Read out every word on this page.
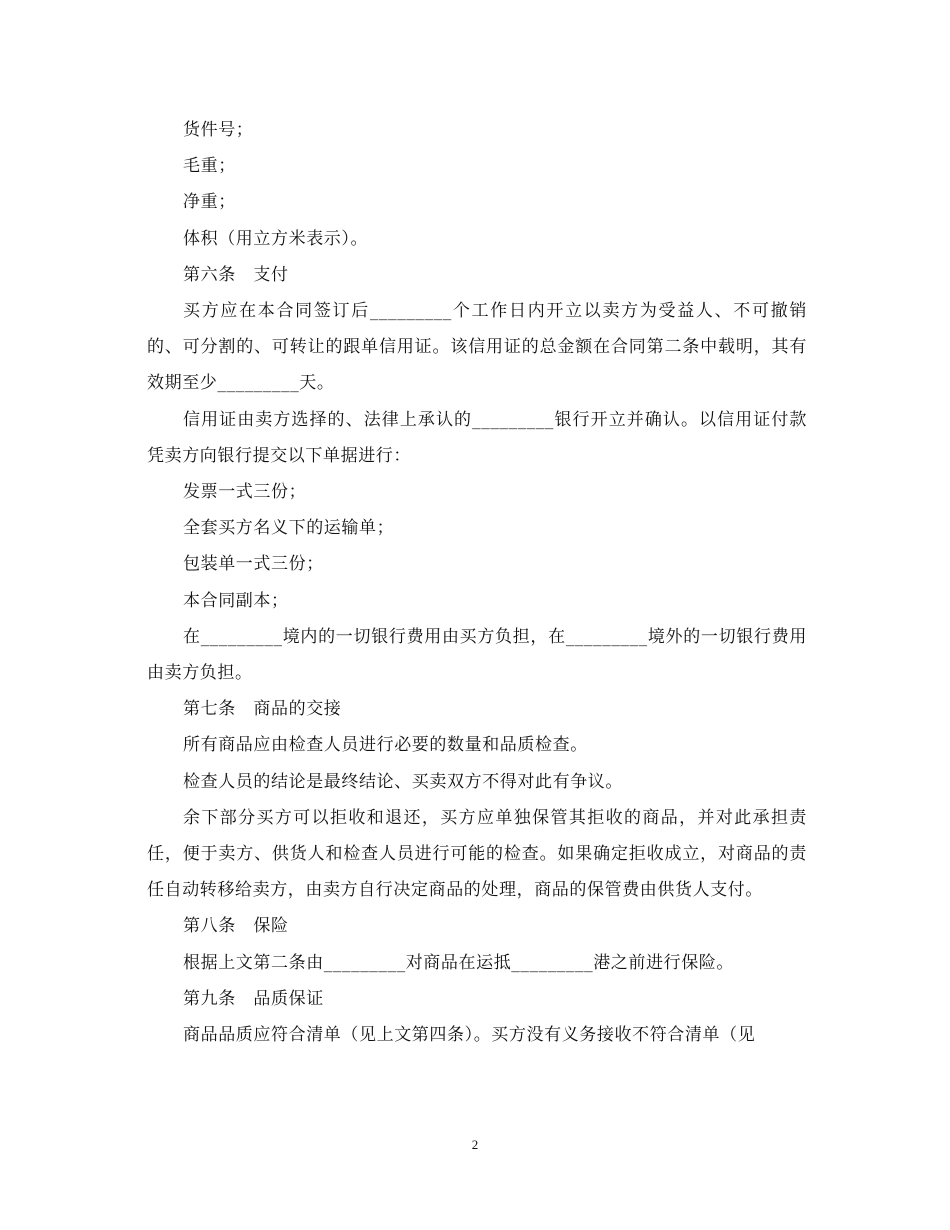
货件号；

毛重；

净重；

体积（用立方米表示）。

第六条　支付

买方应在本合同签订后_________个工作日内开立以卖方为受益人、不可撤销的、可分割的、可转让的跟单信用证。该信用证的总金额在合同第二条中载明，其有效期至少_________天。

信用证由卖方选择的、法律上承认的_________银行开立并确认。以信用证付款凭卖方向银行提交以下单据进行：

发票一式三份；

全套买方名义下的运输单；

包装单一式三份；

本合同副本；

在_________境内的一切银行费用由买方负担，在_________境外的一切银行费用由卖方负担。

第七条　商品的交接

所有商品应由检查人员进行必要的数量和品质检查。

检查人员的结论是最终结论、买卖双方不得对此有争议。

余下部分买方可以拒收和退还，买方应单独保管其拒收的商品，并对此承担责任，便于卖方、供货人和检查人员进行可能的检查。如果确定拒收成立，对商品的责任自动转移给卖方，由卖方自行决定商品的处理，商品的保管费由供货人支付。

第八条　保险

根据上文第二条由_________对商品在运抵_________港之前进行保险。

第九条　品质保证

商品品质应符合清单（见上文第四条）。买方没有义务接收不符合清单（见

2
